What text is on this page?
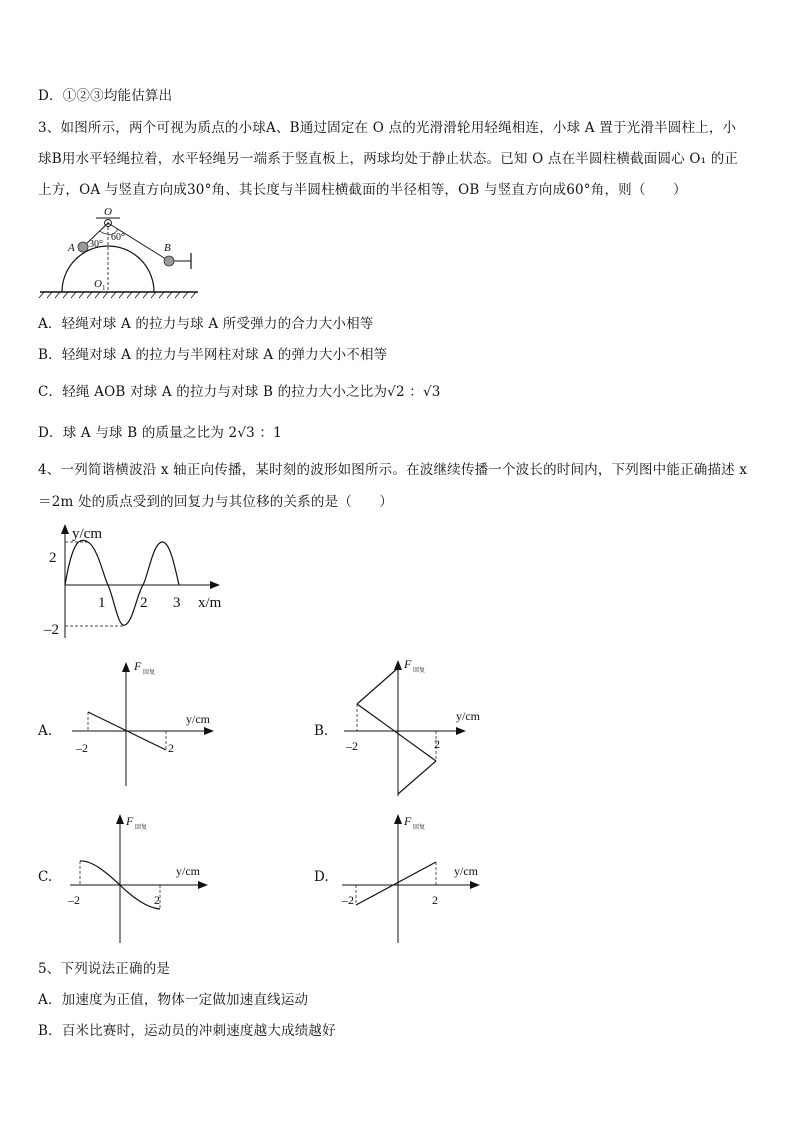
D．①②③均能估算出
3、如图所示，两个可视为质点的小球A、B通过固定在 O 点的光滑滑轮用轻绳相连，小球 A 置于光滑半圆柱上，小
球B用水平轻绳拉着，水平轻绳另一端系于竖直板上，两球均处于静止状态。已知 O 点在半圆柱横截面圆心 O₁ 的正
上方，OA 与竖直方向成30°角、其长度与半圆柱横截面的半径相等，OB 与竖直方向成60°角，则（　　）
O
A	B
O 1
30°
60°
A．轻绳对球 A 的拉力与球 A 所受弹力的合力大小相等
B．轻绳对球 A 的拉力与半网柱对球 A 的弹力大小不相等
C．轻绳 AOB 对球 A 的拉力与对球 B 的拉力大小之比为√2 ：√3
D．球 A 与球 B 的质量之比为 2√3 ：1
4、一列简谐横波沿 x 轴正向传播，某时刻的波形如图所示。在波继续传播一个波长的时间内，下列图中能正确描述 x
＝2m 处的质点受到的回复力与其位移的关系的是（　　）
y/cm
2
–2
1 2 3 x/m
A.
F 回复
y/cm
–2	2
B.
F 回复
y/cm
–2	2
C.
F 回复
y/cm
–2	2
D.
F 回复
y/cm
–2	2
5、下列说法正确的是
A．加速度为正值，物体一定做加速直线运动
B．百米比赛时，运动员的冲刺速度越大成绩越好
